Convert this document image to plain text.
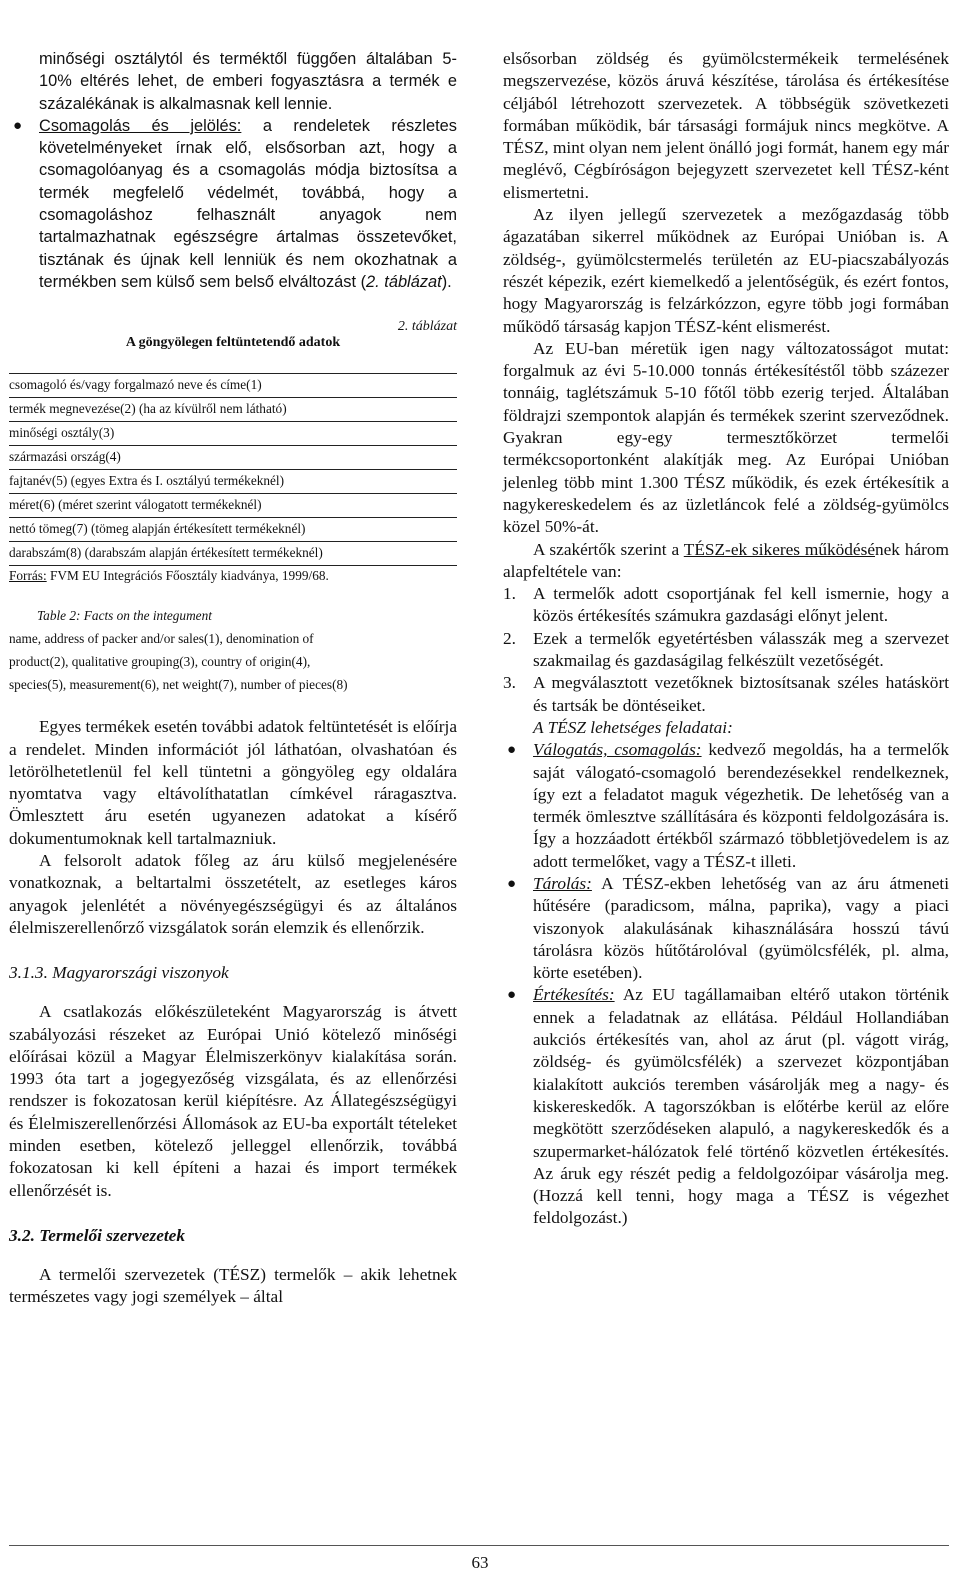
minőségi osztálytól és terméktől függően általában 5-10% eltérés lehet, de emberi fogyasztásra a termék e százalékának is alkalmasnak kell lennie.

● Csomagolás és jelölés: a rendeletek részletes követelményeket írnak elő, elsősorban azt, hogy a csomagolóanyag és a csomagolás módja biztosítsa a termék megfelelő védelmét, továbbá, hogy a csomagoláshoz felhasznált anyagok nem tartalmazhatnak egészségre ártalmas összetevőket, tisztának és újnak kell lenniük és nem okozhatnak a termékben sem külső sem belső elváltozást (2. táblázat).
2. táblázat
A göngyölegen feltüntetendő adatok
csomagoló és/vagy forgalmazó neve és címe(1)
termék megnevezése(2) (ha az kívülről nem látható)
minőségi osztály(3)
származási ország(4)
fajtanév(5) (egyes Extra és I. osztályú termékeknél)
méret(6) (méret szerint válogatott termékeknél)
nettó tömeg(7) (tömeg alapján értékesített termékeknél)
darabszám(8) (darabszám alapján értékesített termékeknél)
Forrás: FVM EU Integrációs Főosztály kiadványa, 1999/68.
Table 2: Facts on the integument
name, address of packer and/or sales(1), denomination of
product(2), qualitative grouping(3), country of origin(4),
species(5), measurement(6), net weight(7), number of pieces(8)

Egyes termékek esetén további adatok feltüntetését is előírja a rendelet. Minden információt jól láthatóan, olvashatóan és letörölhetetlenül fel kell tüntetni a göngyöleg egy oldalára nyomtatva vagy eltávolíthatatlan címkével ráragasztva. Ömlesztett áru esetén ugyanezen adatokat a kísérő dokumentumoknak kell tartalmazniuk.

A felsorolt adatok főleg az áru külső megjelenésére vonatkoznak, a beltartalmi összetételt, az esetleges káros anyagok jelenlétét a növényegészségügyi és az általános élelmiszerellenőrző vizsgálatok során elemzik és ellenőrzik.

3.1.3. Magyarországi viszonyok

A csatlakozás előkészületeként Magyarország is átvett szabályozási részeket az Európai Unió kötelező minőségi előírásai közül a Magyar Élelmiszerkönyv kialakítása során. 1993 óta tart a jogegyezőség vizsgálata, és az ellenőrzési rendszer is fokozatosan kerül kiépítésre. Az Állategészségügyi és Élelmiszerellenőrzési Állomások az EU-ba exportált tételeket minden esetben, kötelező jelleggel ellenőrzik, továbbá fokozatosan ki kell építeni a hazai és import termékek ellenőrzését is.

3.2. Termelői szervezetek

A termelői szervezetek (TÉSZ) termelők – akik lehetnek természetes vagy jogi személyek – által

elsősorban zöldség és gyümölcstermékeik termelésének megszervezése, közös áruvá készítése, tárolása és értékesítése céljából létrehozott szervezetek. A többségük szövetkezeti formában működik, bár társasági formájuk nincs megkötve. A TÉSZ, mint olyan nem jelent önálló jogi formát, hanem egy már meglévő, Cégbíróságon bejegyzett szervezetet kell TÉSZ-ként elismertetni.

Az ilyen jellegű szervezetek a mezőgazdaság több ágazatában sikerrel működnek az Európai Unióban is. A zöldség-, gyümölcstermelés területén az EU-piacszabályozás részét képezik, ezért kiemelkedő a jelentőségük, és ezért fontos, hogy Magyarország is felzárkózzon, egyre több jogi formában működő társaság kapjon TÉSZ-ként elismerést.

Az EU-ban méretük igen nagy változatosságot mutat: forgalmuk az évi 5-10.000 tonnás értékesítéstől több százezer tonnáig, taglétszámuk 5-10 főtől több ezerig terjed. Általában földrajzi szempontok alapján és termékek szerint szerveződnek. Gyakran egy-egy termesztőkörzet termelői termékcsoportonként alakítják meg. Az Európai Unióban jelenleg több mint 1.300 TÉSZ működik, és ezek értékesítik a nagykereskedelem és az üzletláncok felé a zöldség-gyümölcs közel 50%-át.

A szakértők szerint a TÉSZ-ek sikeres működésének három alapfeltétele van:

1. A termelők adott csoportjának fel kell ismernie, hogy a közös értékesítés számukra gazdasági előnyt jelent.
2. Ezek a termelők egyetértésben válasszák meg a szervezet szakmailag és gazdaságilag felkészült vezetőségét.
3. A megválasztott vezetőknek biztosítsanak széles hatáskört és tartsák be döntéseiket.
A TÉSZ lehetséges feladatai:
● Válogatás, csomagolás: kedvező megoldás, ha a termelők saját válogató-csomagoló berendezésekkel rendelkeznek, így ezt a feladatot maguk végezhetik. De lehetőség van a termék ömlesztve szállítására és központi feldolgozására is. Így a hozzáadott értékből származó többletjövedelem is az adott termelőket, vagy a TÉSZ-t illeti.
● Tárolás: A TÉSZ-ekben lehetőség van az áru átmeneti hűtésére (paradicsom, málna, paprika), vagy a piaci viszonyok alakulásának kihasználására hosszú távú tárolásra közös hűtőtárolóval (gyümölcsfélék, pl. alma, körte esetében).
● Értékesítés: Az EU tagállamaiban eltérő utakon történik ennek a feladatnak az ellátása. Például Hollandiában aukciós értékesítés van, ahol az árut (pl. vágott virág, zöldség- és gyümölcsfélék) a szervezet központjában kialakított aukciós teremben vásárolják meg a nagy- és kiskereskedők. A tagorszókban is előtérbe kerül az előre megkötött szerződéseken alapuló, a nagykereskedők és a szupermarket-hálózatok felé történő közvetlen értékesítés. Az áruk egy részét pedig a feldolgozóipar vásárolja meg. (Hozzá kell tenni, hogy maga a TÉSZ is végezhet feldolgozást.)
63
